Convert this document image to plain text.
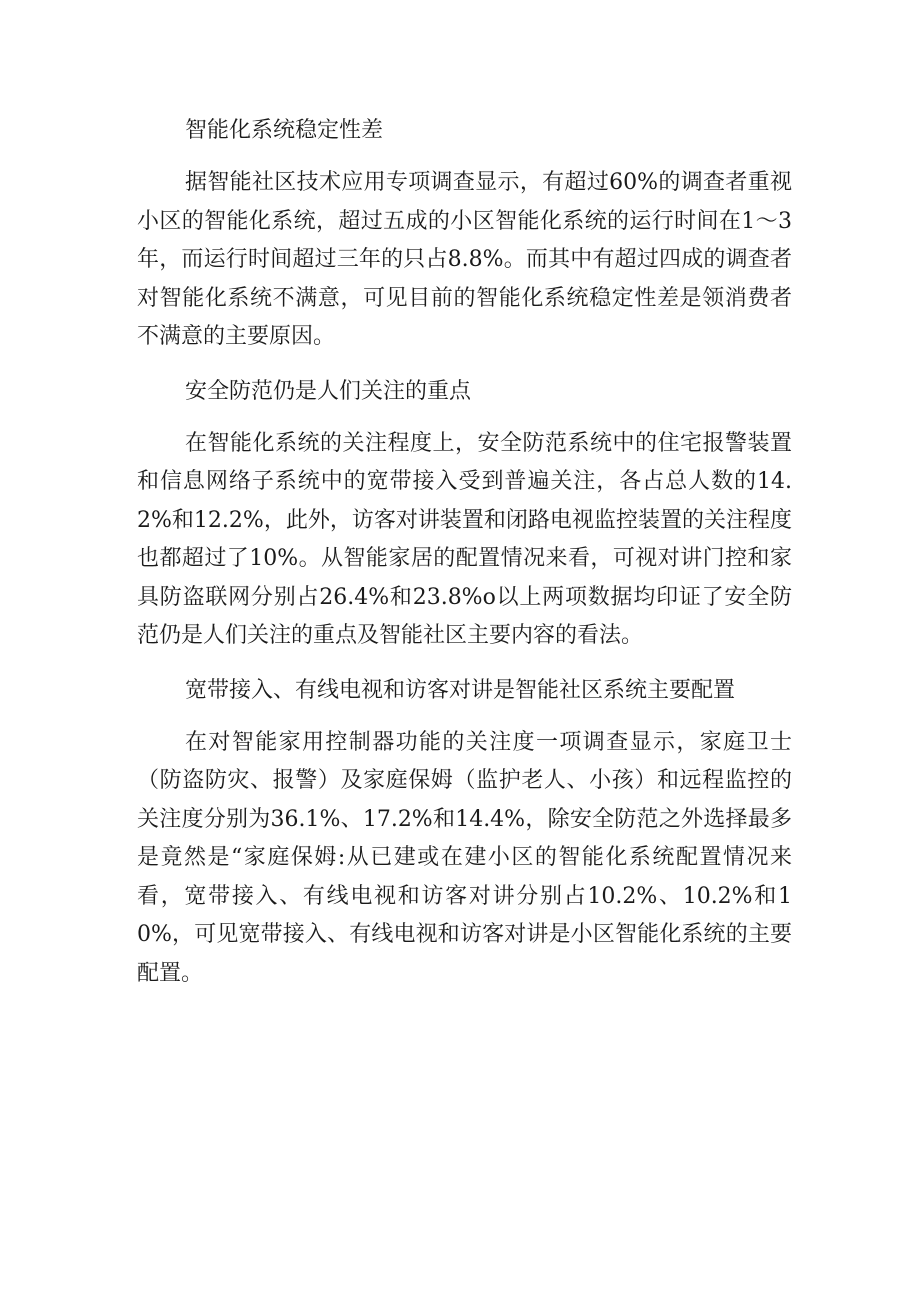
智能化系统稳定性差

据智能社区技术应用专项调查显示，有超过60%的调查者重视小区的智能化系统，超过五成的小区智能化系统的运行时间在1～3年，而运行时间超过三年的只占8.8%。而其中有超过四成的调查者对智能化系统不满意，可见目前的智能化系统稳定性差是领消费者不满意的主要原因。

安全防范仍是人们关注的重点

在智能化系统的关注程度上，安全防范系统中的住宅报警装置和信息网络子系统中的宽带接入受到普遍关注，各占总人数的14.2%和12.2%，此外，访客对讲装置和闭路电视监控装置的关注程度也都超过了10%。从智能家居的配置情况来看，可视对讲门控和家具防盗联网分别占26.4%和23.8%o以上两项数据均印证了安全防范仍是人们关注的重点及智能社区主要内容的看法。

宽带接入、有线电视和访客对讲是智能社区系统主要配置

在对智能家用控制器功能的关注度一项调查显示，家庭卫士（防盗防灾、报警）及家庭保姆（监护老人、小孩）和远程监控的关注度分别为36.1%、17.2%和14.4%，除安全防范之外选择最多是竟然是“家庭保姆:从已建或在建小区的智能化系统配置情况来看，宽带接入、有线电视和访客对讲分别占10.2%、10.2%和10%，可见宽带接入、有线电视和访客对讲是小区智能化系统的主要配置。
